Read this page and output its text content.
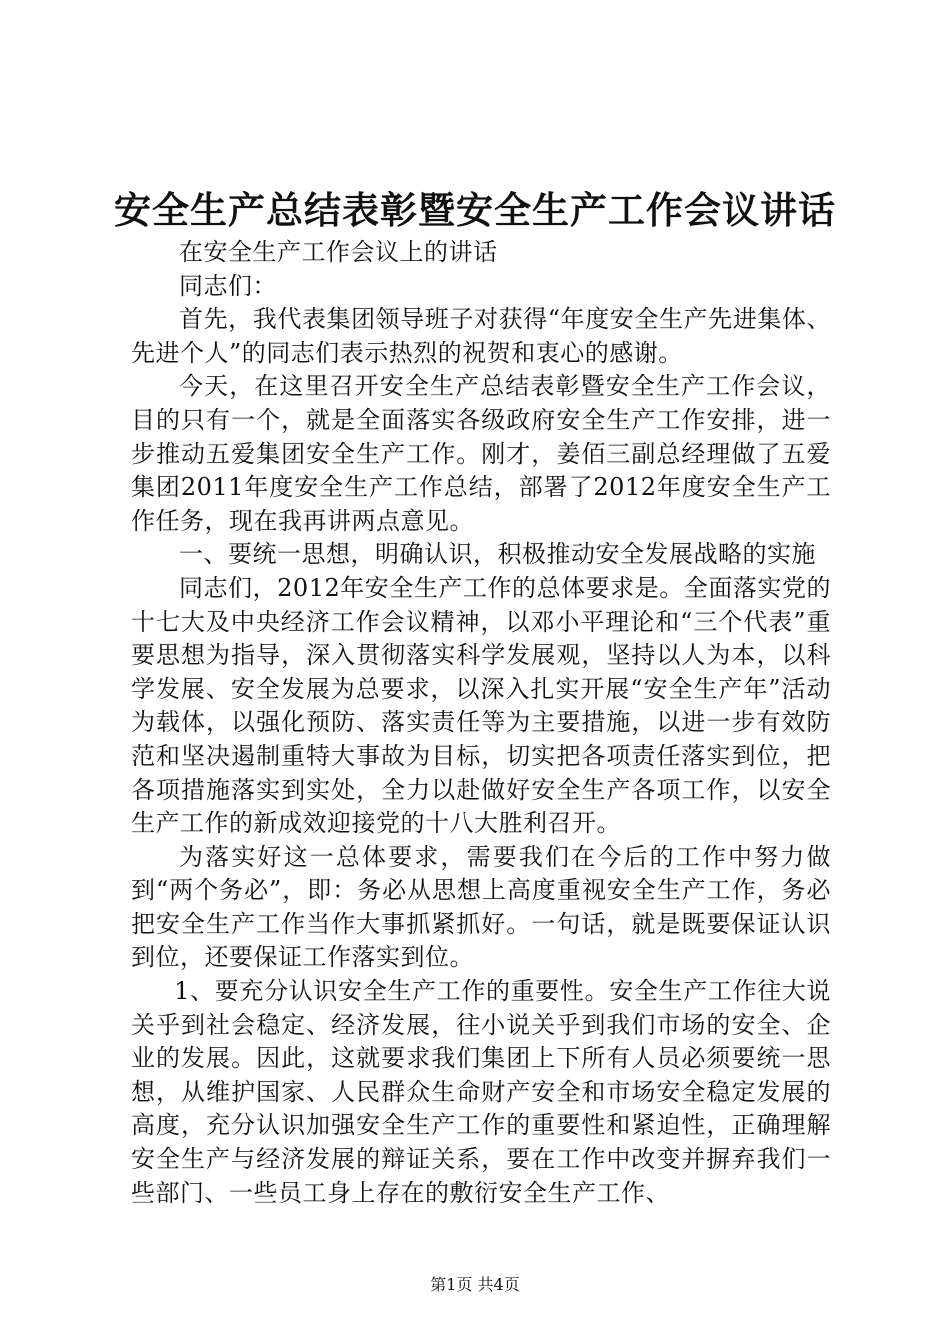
安全生产总结表彰暨安全生产工作会议讲话

在安全生产工作会议上的讲话

同志们：

首先，我代表集团领导班子对获得“年度安全生产先进集体、先进个人”的同志们表示热烈的祝贺和衷心的感谢。

今天，在这里召开安全生产总结表彰暨安全生产工作会议，目的只有一个，就是全面落实各级政府安全生产工作安排，进一步推动五爱集团安全生产工作。刚才，姜佰三副总经理做了五爱集团2011年度安全生产工作总结，部署了2012年度安全生产工作任务，现在我再讲两点意见。

一、要统一思想，明确认识，积极推动安全发展战略的实施

同志们，2012年安全生产工作的总体要求是。全面落实党的十七大及中央经济工作会议精神，以邓小平理论和“三个代表”重要思想为指导，深入贯彻落实科学发展观，坚持以人为本，以科学发展、安全发展为总要求，以深入扎实开展“安全生产年”活动为载体，以强化预防、落实责任等为主要措施，以进一步有效防范和坚决遏制重特大事故为目标，切实把各项责任落实到位，把各项措施落实到实处，全力以赴做好安全生产各项工作，以安全生产工作的新成效迎接党的十八大胜利召开。

为落实好这一总体要求，需要我们在今后的工作中努力做到“两个务必”，即：务必从思想上高度重视安全生产工作，务必把安全生产工作当作大事抓紧抓好。一句话，就是既要保证认识到位，还要保证工作落实到位。

1、要充分认识安全生产工作的重要性。安全生产工作往大说关乎到社会稳定、经济发展，往小说关乎到我们市场的安全、企业的发展。因此，这就要求我们集团上下所有人员必须要统一思想，从维护国家、人民群众生命财产安全和市场安全稳定发展的高度，充分认识加强安全生产工作的重要性和紧迫性，正确理解安全生产与经济发展的辩证关系，要在工作中改变并摒弃我们一些部门、一些员工身上存在的敷衍安全生产工作、

第1页 共4页
